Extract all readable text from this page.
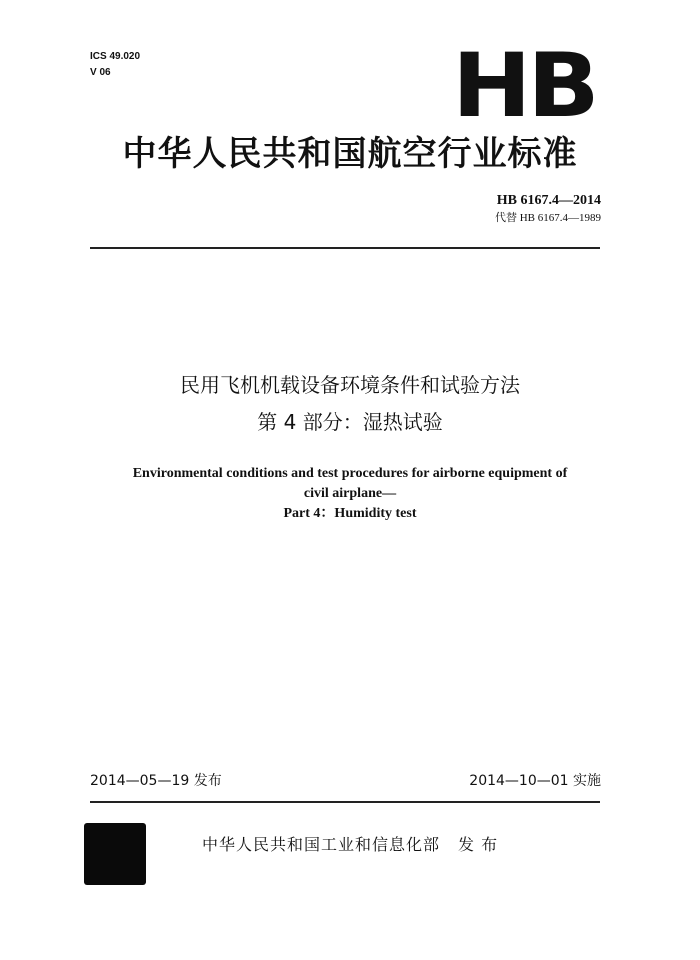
ICS 49.020
V 06	HB
中华人民共和国航空行业标准
HB 6167.4—2014
代替 HB 6167.4—1989
民用飞机机载设备环境条件和试验方法
第 4 部分：湿热试验
Environmental conditions and test procedures for airborne equipment of
civil airplane—
Part 4：Humidity test
2014—05—19 发布	2014—10—01 实施
中华人民共和国工业和信息化部 发 布
